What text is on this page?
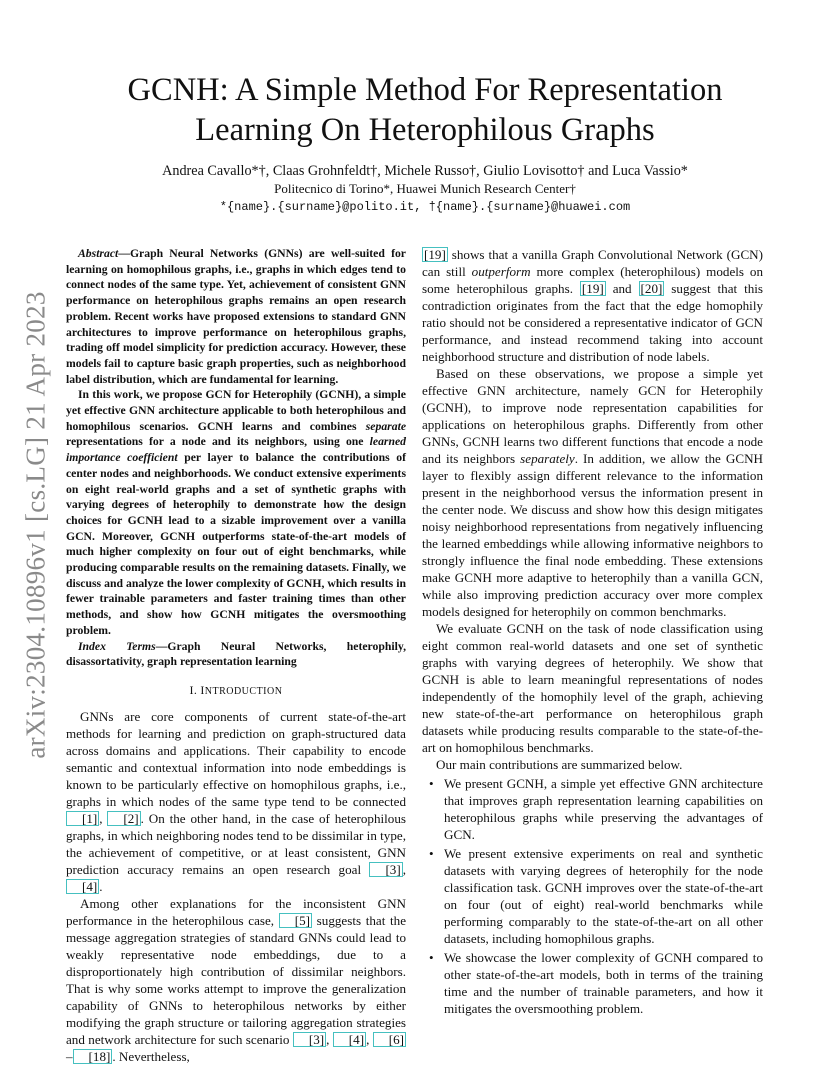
arXiv:2304.10896v1 [cs.LG] 21 Apr 2023
GCNH: A Simple Method For Representation
Learning On Heterophilous Graphs
Andrea Cavallo*†, Claas Grohnfeldt†, Michele Russo†, Giulio Lovisotto† and Luca Vassio*
Politecnico di Torino*, Huawei Munich Research Center†
*{name}.{surname}@polito.it, †{name}.{surname}@huawei.com

Abstract—Graph Neural Networks (GNNs) are well-suited for learning on homophilous graphs, i.e., graphs in which edges tend to connect nodes of the same type. Yet, achievement of consistent GNN performance on heterophilous graphs remains an open research problem. Recent works have proposed extensions to standard GNN architectures to improve performance on heterophilous graphs, trading off model simplicity for prediction accuracy. However, these models fail to capture basic graph properties, such as neighborhood label distribution, which are fundamental for learning.

In this work, we propose GCN for Heterophily (GCNH), a simple yet effective GNN architecture applicable to both heterophilous and homophilous scenarios. GCNH learns and combines separate representations for a node and its neighbors, using one learned importance coefficient per layer to balance the contributions of center nodes and neighborhoods. We conduct extensive experiments on eight real-world graphs and a set of synthetic graphs with varying degrees of heterophily to demonstrate how the design choices for GCNH lead to a sizable improvement over a vanilla GCN. Moreover, GCNH outperforms state-of-the-art models of much higher complexity on four out of eight benchmarks, while producing comparable results on the remaining datasets. Finally, we discuss and analyze the lower complexity of GCNH, which results in fewer trainable parameters and faster training times than other methods, and show how GCNH mitigates the oversmoothing problem.

Index Terms—Graph Neural Networks, heterophily, disassortativity, graph representation learning

I. INTRODUCTION

GNNs are core components of current state-of-the-art methods for learning and prediction on graph-structured data across domains and applications. Their capability to encode semantic and contextual information into node embeddings is known to be particularly effective on homophilous graphs, i.e., graphs in which nodes of the same type tend to be connected [1] , [2] . On the other hand, in the case of heterophilous graphs, in which neighboring nodes tend to be dissimilar in type, the achievement of competitive, or at least consistent, GNN prediction accuracy remains an open research goal [3] , [4] .

Among other explanations for the inconsistent GNN performance in the heterophilous case, [5] suggests that the message aggregation strategies of standard GNNs could lead to weakly representative node embeddings, due to a disproportionately high contribution of dissimilar neighbors. That is why some works attempt to improve the generalization capability of GNNs to heterophilous networks by either modifying the graph structure or tailoring aggregation strategies and network architecture for such scenario [3] , [4] , [6]– [18] . Nevertheless,

[19] shows that a vanilla Graph Convolutional Network (GCN) can still outperform more complex (heterophilous) models on some heterophilous graphs. [19] and [20] suggest that this contradiction originates from the fact that the edge homophily ratio should not be considered a representative indicator of GCN performance, and instead recommend taking into account neighborhood structure and distribution of node labels.

Based on these observations, we propose a simple yet effective GNN architecture, namely GCN for Heterophily (GCNH), to improve node representation capabilities for applications on heterophilous graphs. Differently from other GNNs, GCNH learns two different functions that encode a node and its neighbors separately. In addition, we allow the GCNH layer to flexibly assign different relevance to the information present in the neighborhood versus the information present in the center node. We discuss and show how this design mitigates noisy neighborhood representations from negatively influencing the learned embeddings while allowing informative neighbors to strongly influence the final node embedding. These extensions make GCNH more adaptive to heterophily than a vanilla GCN, while also improving prediction accuracy over more complex models designed for heterophily on common benchmarks.

We evaluate GCNH on the task of node classification using eight common real-world datasets and one set of synthetic graphs with varying degrees of heterophily. We show that GCNH is able to learn meaningful representations of nodes independently of the homophily level of the graph, achieving new state-of-the-art performance on heterophilous graph datasets while producing results comparable to the state-of-the-art on homophilous benchmarks.

Our main contributions are summarized below.

• We present GCNH, a simple yet effective GNN architecture that improves graph representation learning capabilities on heterophilous graphs while preserving the advantages of GCN.
• We present extensive experiments on real and synthetic datasets with varying degrees of heterophily for the node classification task. GCNH improves over the state-of-the-art on four (out of eight) real-world benchmarks while performing comparably to the state-of-the-art on all other datasets, including homophilous graphs.
• We showcase the lower complexity of GCNH compared to other state-of-the-art models, both in terms of the training time and the number of trainable parameters, and how it mitigates the oversmoothing problem.
